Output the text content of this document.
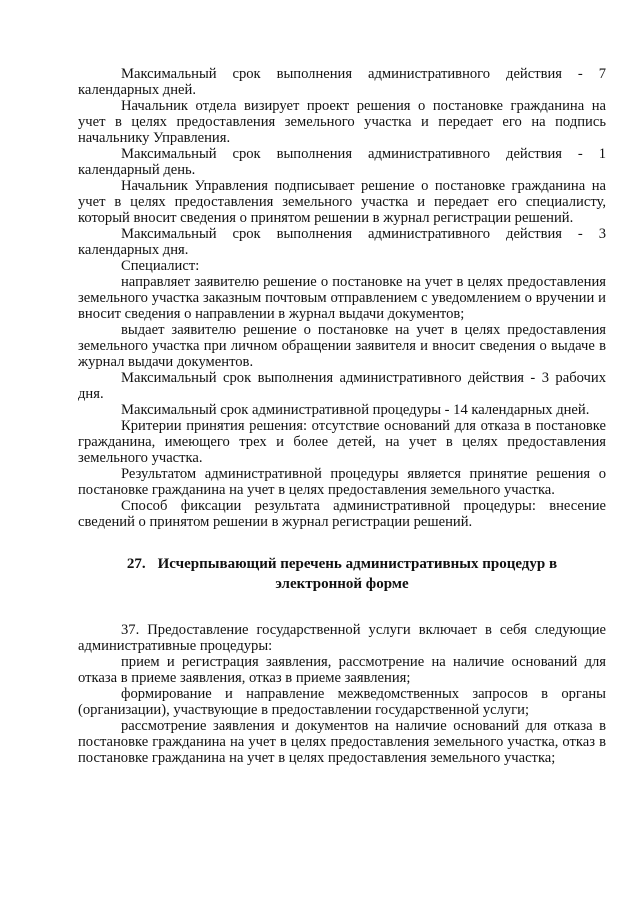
Максимальный срок выполнения административного действия - 7 календарных дней.

Начальник отдела визирует проект решения о постановке гражданина на учет в целях предоставления земельного участка и передает его на подпись начальнику Управления.

Максимальный срок выполнения административного действия - 1 календарный день.

Начальник Управления подписывает решение о постановке гражданина на учет в целях предоставления земельного участка и передает его специалисту, который вносит сведения о принятом решении в журнал регистрации решений.

Максимальный срок выполнения административного действия - 3 календарных дня.

Специалист:

направляет заявителю решение о постановке на учет в целях предоставления земельного участка заказным почтовым отправлением с уведомлением о вручении и вносит сведения о направлении в журнал выдачи документов;

выдает заявителю решение о постановке на учет в целях предоставления земельного участка при личном обращении заявителя и вносит сведения о выдаче в журнал выдачи документов.

Максимальный срок выполнения административного действия - 3 рабочих дня.

Максимальный срок административной процедуры - 14 календарных дней.

Критерии принятия решения: отсутствие оснований для отказа в постановке гражданина, имеющего трех и более детей, на учет в целях предоставления земельного участка.

Результатом административной процедуры является принятие решения о постановке гражданина на учет в целях предоставления земельного участка.

Способ фиксации результата административной процедуры: внесение сведений о принятом решении в журнал регистрации решений.

27. Исчерпывающий перечень административных процедур в электронной форме

37. Предоставление государственной услуги включает в себя следующие административные процедуры:

прием и регистрация заявления, рассмотрение на наличие оснований для отказа в приеме заявления, отказ в приеме заявления;

формирование и направление межведомственных запросов в органы (организации), участвующие в предоставлении государственной услуги;

рассмотрение заявления и документов на наличие оснований для отказа в постановке гражданина на учет в целях предоставления земельного участка, отказ в постановке гражданина на учет в целях предоставления земельного участка;
